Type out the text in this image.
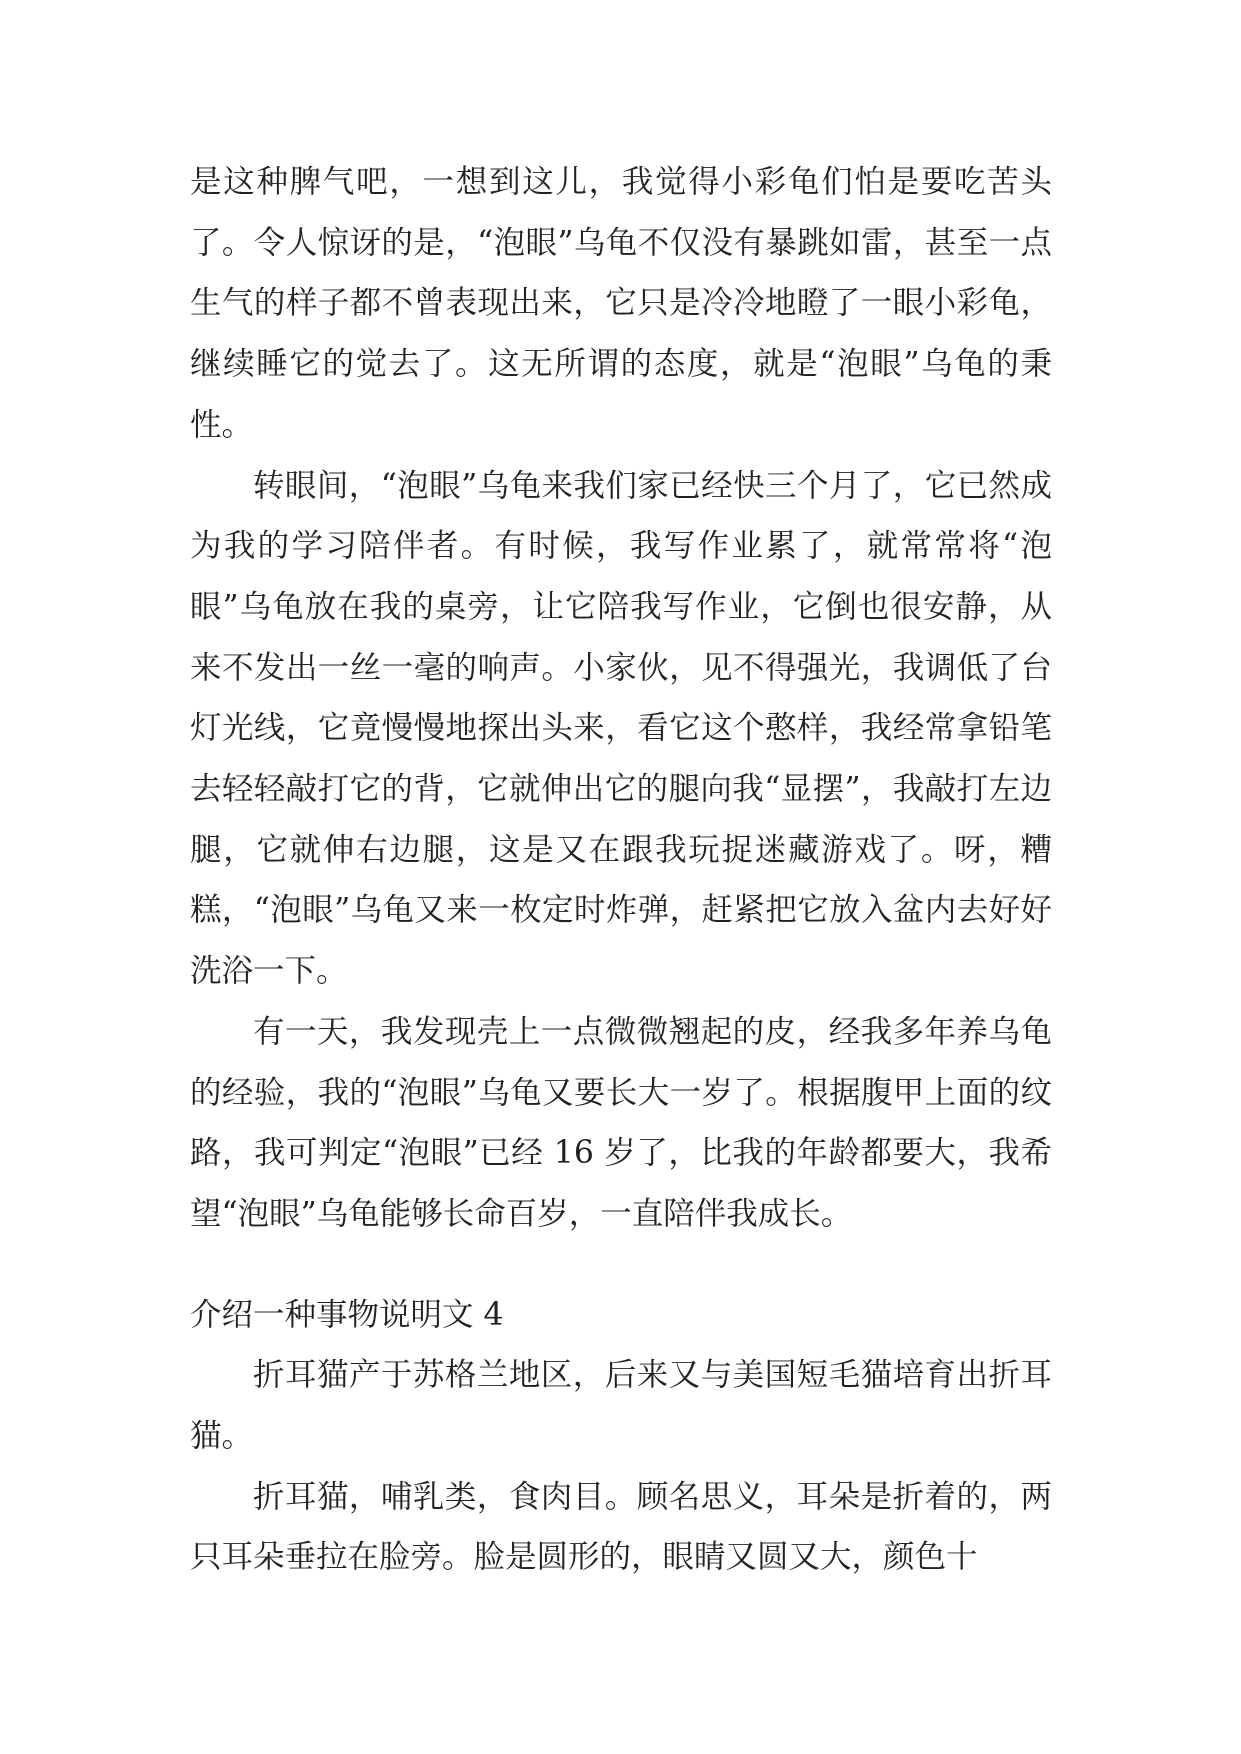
是这种脾气吧，一想到这儿，我觉得小彩龟们怕是要吃苦头了。令人惊讶的是，“泡眼”乌龟不仅没有暴跳如雷，甚至一点生气的样子都不曾表现出来，它只是冷冷地瞪了一眼小彩龟，继续睡它的觉去了。这无所谓的态度，就是“泡眼”乌龟的秉性。

转眼间，“泡眼”乌龟来我们家已经快三个月了，它已然成为我的学习陪伴者。有时候，我写作业累了，就常常将“泡眼”乌龟放在我的桌旁，让它陪我写作业，它倒也很安静，从来不发出一丝一毫的响声。小家伙，见不得强光，我调低了台灯光线，它竟慢慢地探出头来，看它这个憨样，我经常拿铅笔去轻轻敲打它的背，它就伸出它的腿向我“显摆”，我敲打左边腿，它就伸右边腿，这是又在跟我玩捉迷藏游戏了。呀，糟糕，“泡眼”乌龟又来一枚定时炸弹，赶紧把它放入盆内去好好洗浴一下。

有一天，我发现壳上一点微微翘起的皮，经我多年养乌龟的经验，我的“泡眼”乌龟又要长大一岁了。根据腹甲上面的纹路，我可判定“泡眼”已经 16 岁了，比我的年龄都要大，我希望“泡眼”乌龟能够长命百岁，一直陪伴我成长。

介绍一种事物说明文 4

折耳猫产于苏格兰地区，后来又与美国短毛猫培育出折耳猫。

折耳猫，哺乳类，食肉目。顾名思义，耳朵是折着的，两只耳朵垂拉在脸旁。脸是圆形的，眼睛又圆又大，颜色十
